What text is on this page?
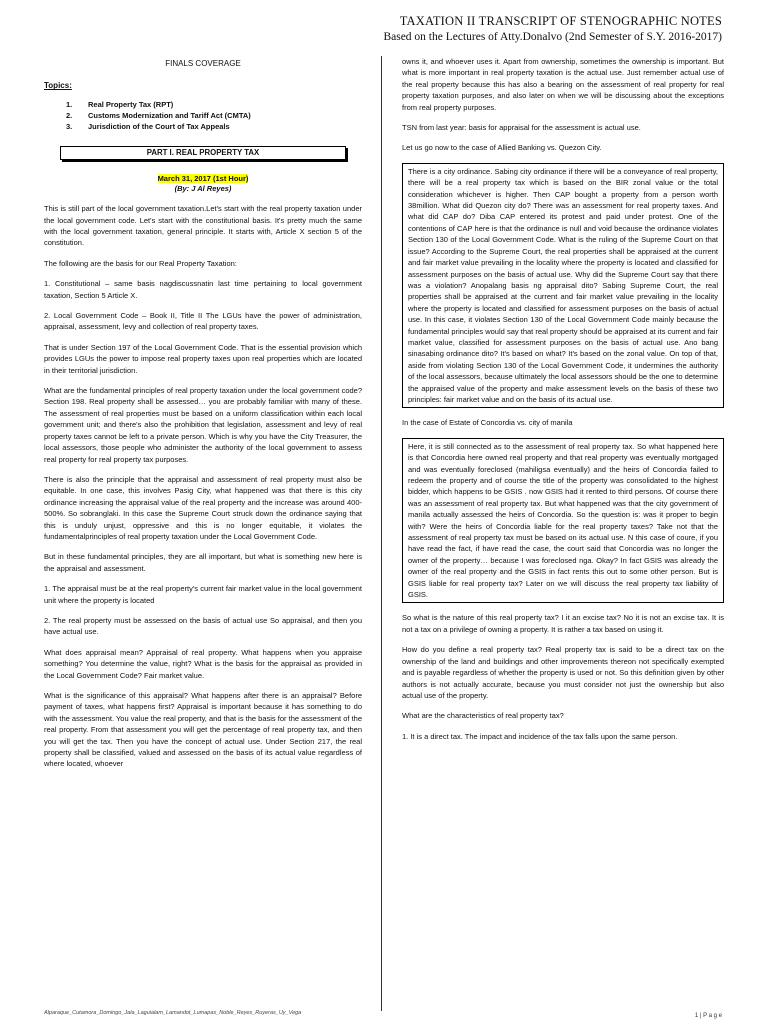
TAXATION II TRANSCRIPT OF STENOGRAPHIC NOTES
Based on the Lectures of Atty.Donalvo (2nd Semester of S.Y. 2016-2017)

FINALS COVERAGE

Topics:
1.	Real Property Tax (RPT)
2.	Customs Modernization and Tariff Act (CMTA)
3.	Jurisdiction of the Court of Tax Appeals
PART I. REAL PROPERTY TAX
March 31, 2017 (1st Hour)
(By: J Al Reyes)

This is still part of the local government taxation.Let's start with the real property taxation under the local government code. Let's start with the constitutional basis. It's pretty much the same with the local government taxation, general principle. It starts with, Article X section 5 of the constitution.

The following are the basis for our Real Property Taxation:

1. Constitutional – same basis nagdiscussnatin last time pertaining to local government taxation, Section 5 Article X.

2. Local Government Code – Book II, Title II The LGUs have the power of administration, appraisal, assessment, levy and collection of real property taxes.

That is under Section 197 of the Local Government Code. That is the essential provision which provides LGUs the power to impose real property taxes upon real properties which are located in their territorial jurisdiction.

What are the fundamental principles of real property taxation under the local government code? Section 198. Real property shall be assessed… you are probably familiar with many of these. The assessment of real properties must be based on a uniform classification within each local government unit; and there's also the prohibition that legislation, assessment and levy of real property taxes cannot be left to a private person. Which is why you have the City Treasurer, the local assessors, those people who administer the authority of the local government to assess real property for real property tax purposes.

There is also the principle that the appraisal and assessment of real property must also be equitable. In one case, this involves Pasig City, what happened was that there is this city ordinance increasing the appraisal value of the real property and the increase was around 400-500%. So sobranglaki. In this case the Supreme Court struck down the ordinance saying that this is unduly unjust, oppressive and this is no longer equitable, it violates the fundamentalprinciples of real property taxation under the Local Government Code.

But in these fundamental principles, they are all important, but what is something new here is the appraisal and assessment.

1. The appraisal must be at the real property's current fair market value in the local government unit where the property is located

2. The real property must be assessed on the basis of actual use So appraisal, and then you have actual use.

What does appraisal mean? Appraisal of real property. What happens when you appraise something? You determine the value, right? What is the basis for the appraisal as provided in the Local Government Code? Fair market value.

What is the significance of this appraisal? What happens after there is an appraisal? Before payment of taxes, what happens first? Appraisal is important because it has something to do with the assessment. You value the real property, and that is the basis for the assessment of the real property. From that assessment you will get the percentage of real property tax, and then you will get the tax. Then you have the concept of actual use. Under Section 217, the real property shall be classified, valued and assessed on the basis of its actual value regardless of where located, whoever

owns it, and whoever uses it. Apart from ownership, sometimes the ownership is important. But what is more important in real property taxation is the actual use. Just remember actual use of the real property because this has also a bearing on the assessment of real property for real property taxation purposes, and also later on when we will be discussing about the exceptions from real property purposes.

TSN from last year: basis for appraisal for the assessment is actual use.

Let us go now to the case of Allied Banking vs. Quezon City.

There is a city ordinance. Sabing city ordinance if there will be a conveyance of real property, there will be a real property tax which is based on the BIR zonal value or the total consideration whichever is higher. Then CAP bought a property from a person worth 38million. What did Quezon city do? There was an assessment for real property taxes. And what did CAP do? Diba CAP entered its protest and paid under protest. One of the contentions of CAP here is that the ordinance is null and void because the ordinance violates Section 130 of the Local Government Code. What is the ruling of the Supreme Court on that issue? According to the Supreme Court, the real properties shall be appraised at the current and fair market value prevailing in the locality where the property is located and classified for assessment purposes on the basis of actual use. Why did the Supreme Court say that there was a violation? Anopalang basis ng appraisal dito? Sabing Supreme Court, the real properties shall be appraised at the current and fair market value prevailing in the locality where the property is located and classified for assessment purposes on the basis of actual use. In this case, it violates Section 130 of the Local Government Code mainly because the fundamental principles would say that real property should be appraised at its current and fair market value, classified for assessment purposes on the basis of actual use. Ano bang sinasabing ordinance dito? It's based on what? It's based on the zonal value. On top of that, aside from violating Section 130 of the Local Government Code, it undermines the authority of the local assessors, because ultimately the local assessors should be the one to determine the appraised value of the property and make assessment levels on the basis of these two principles: fair market value and on the basis of its actual use.

In the case of Estate of Concordia vs. city of manila

Here, it is still connected as to the assessment of real property tax. So what happened here is that Concordia here owned real property and that real property was eventually mortgaged and was eventually foreclosed (mahiligsa eventually) and the heirs of Concordia failed to redeem the property and of course the title of the property was consolidated to the highest bidder, which happens to be GSIS . now GSIS had it rented to third persons. Of course there was an assessment of real property tax. But what happened was that the city government of manila actually assessed the heirs of Concordia. So the question is: was it proper to begin with? Were the heirs of Concordia liable for the real property taxes? Take not that the assessment of real property tax must be based on its actual use. N this case of coure, if you have read the fact, if have read the case, the court said that Concordia was no longer the owner of the property… because I was foreclosed nga. Okay? In fact GSIS was already the owner of the real property and the GSIS in fact rents this out to some other person. But is GSIS liable for real property tax? Later on we will discuss the real property tax liability of GSIS.

So what is the nature of this real property tax? I it an excise tax? No it is not an excise tax. It is not a tax on a privilege of owning a property. It is rather a tax based on using it.

How do you define a real property tax? Real property tax is said to be a direct tax on the ownership of the land and buildings and other improvements thereon not specifically exempted and is payable regardless of whether the property is used or not. So this definition given by other authors is not actually accurate, because you must consider not just the ownership but also actual use of the property.

What are the characteristics of real property tax?

1. It is a direct tax. The impact and incidence of the tax falls upon the same person.

Alparaque_Cutamora_Domingo_Jala_Laguialam_Lamandot_Lumapas_Noble_Reyes_Ruyeras_Uy_Vega	1 | P a g e
